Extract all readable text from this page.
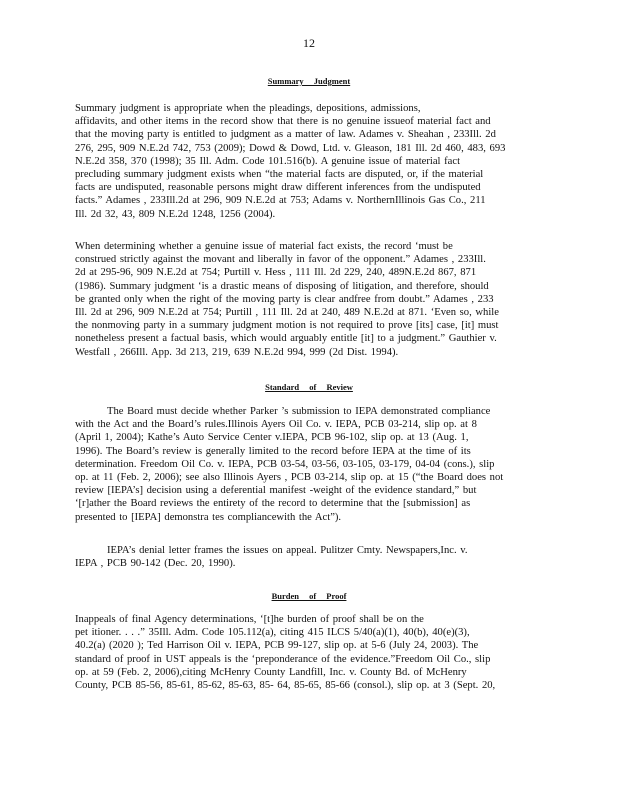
12
Summary Judgment
Summary judgment is appropriate when the pleadings, depositions, admissions,
affidavits, and other items in the record show that there is no genuine issueof material fact and
that the moving party is entitled to judgment as a matter of law. Adames v. Sheahan , 233Ill. 2d
276, 295, 909 N.E.2d 742, 753 (2009); Dowd & Dowd, Ltd. v. Gleason, 181 Ill. 2d 460, 483, 693
N.E.2d 358, 370 (1998); 35 Ill. Adm. Code 101.516(b). A genuine issue of material fact
precluding summary judgment exists when “the material facts are disputed, or, if the material
facts are undisputed, reasonable persons might draw different inferences from the undisputed
facts.” Adames , 233Ill.2d at 296, 909 N.E.2d at 753; Adams v. NorthernIllinois Gas Co., 211
Ill. 2d 32, 43, 809 N.E.2d 1248, 1256 (2004).
When determining whether a genuine issue of material fact exists, the record ‘must be
construed strictly against the movant and liberally in favor of the opponent.” Adames , 233Ill.
2d at 295-96, 909 N.E.2d at 754; Purtill v. Hess , 111 Ill. 2d 229, 240, 489N.E.2d 867, 871
(1986). Summary judgment ‘is a drastic means of disposing of litigation, and therefore, should
be granted only when the right of the moving party is clear andfree from doubt.” Adames , 233
Ill. 2d at 296, 909 N.E.2d at 754; Purtill , 111 Ill. 2d at 240, 489 N.E.2d at 871. ‘Even so, while
the nonmoving party in a summary judgment motion is not required to prove [its] case, [it] must
nonetheless present a factual basis, which would arguably entitle [it] to a judgment.” Gauthier v.
Westfall , 266Ill. App. 3d 213, 219, 639 N.E.2d 994, 999 (2d Dist. 1994).
Standard of Review
The Board must decide whether Parker ’s submission to IEPA demonstrated compliance
with the Act and the Board’s rules.Illinois Ayers Oil Co. v. IEPA, PCB 03-214, slip op. at 8
(April 1, 2004); Kathe’s Auto Service Center v.IEPA, PCB 96-102, slip op. at 13 (Aug. 1,
1996). The Board’s review is generally limited to the record before IEPA at the time of its
determination. Freedom Oil Co. v. IEPA, PCB 03-54, 03-56, 03-105, 03-179, 04-04 (cons.), slip
op. at 11 (Feb. 2, 2006); see also Illinois Ayers , PCB 03-214, slip op. at 15 (“the Board does not
review [IEPA’s] decision using a deferential manifest -weight of the evidence standard,” but
‘[r]ather the Board reviews the entirety of the record to determine that the [submission] as
presented to [IEPA] demonstra tes compliancewith the Act”).
IEPA’s denial letter frames the issues on appeal. Pulitzer Cmty. Newspapers,Inc. v.
IEPA , PCB 90-142 (Dec. 20, 1990).
Burden of Proof
Inappeals of final Agency determinations, ‘[t]he burden of proof shall be on the
pet itioner. . . .” 35Ill. Adm. Code 105.112(a), citing 415 ILCS 5/40(a)(1), 40(b), 40(e)(3),
40.2(a) (2020 ); Ted Harrison Oil v. IEPA, PCB 99-127, slip op. at 5-6 (July 24, 2003). The
standard of proof in UST appeals is the ‘preponderance of the evidence.”Freedom Oil Co., slip
op. at 59 (Feb. 2, 2006),citing McHenry County Landfill, Inc. v. County Bd. of McHenry
County, PCB 85-56, 85-61, 85-62, 85-63, 85- 64, 85-65, 85-66 (consol.), slip op. at 3 (Sept. 20,
